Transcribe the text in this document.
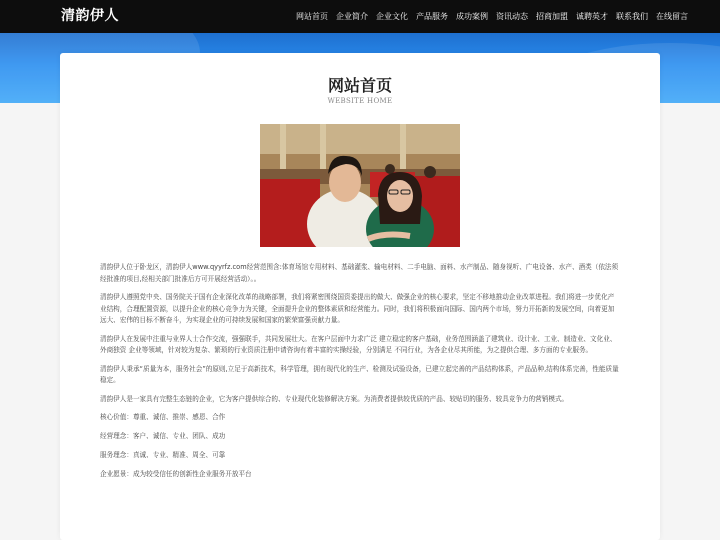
清韵伊人	网站首页 企业简介 企业文化 产品服务 成功案例 资讯动态 招商加盟 诚聘英才 联系我们 在线留言
网站首页
WEBSITE HOME

清韵伊人位于卧龙区，清韵伊人www.qyyrfz.com经营范围含:体育场馆专用材料、基础灌浆、输电材料、二手电脑、面料、水产制品、随身视听、广电设备、水产、酒类（依法须经批准的项目,经相关部门批准后方可开展经营活动）。。

清韵伊人遵照党中央、国务院关于国有企业深化改革的战略部署，我们将紧密围绕国资委提出的做大、做强企业的核心要求，坚定不移地推动企业改革进程。我们将进一步优化产业结构，合理配置资源，以提升企业的核心竞争力为关键，全面提升企业的整体素质和经营能力。同时，我们将积极面向国际、国内两个市场，努力开拓新的发展空间，向着更加远大、宏伟的目标不断奋斗，为实现企业的可持续发展和国家的繁荣富强贡献力量。

清韵伊人在发展中注重与业界人士合作交流，强强联手，共同发展壮大。在客户层面中力求广泛 建立稳定的客户基础，业务范围涵盖了建筑业、设计业、工业、制造业、文化业、外商独资 企业等领域，针对较为复杂、繁琐的行业资质注册申请咨询有着丰富的实操经验，分别满足 不同行业，为各企业尽其所能，为之提供合理、多方面的专业服务。

清韵伊人秉承“质量为本，服务社会”的原则,立足于高新技术，科学管理，拥有现代化的生产、检测及试验设备，已建立起完善的产品结构体系，产品品种,结构体系完善，性能质量稳定。

清韵伊人是一家具有完整生态链的企业，它为客户提供综合的、专业现代化装修解决方案。为消费者提供较优质的产品、较贴切的服务、较具竞争力的营销模式。

核心价值：尊重、诚信、推崇、感恩、合作

经营理念：客户、诚信、专业、团队、成功

服务理念：真诚、专业、精准、周全、可靠

企业愿景：成为较受信任的创新性企业服务开放平台
